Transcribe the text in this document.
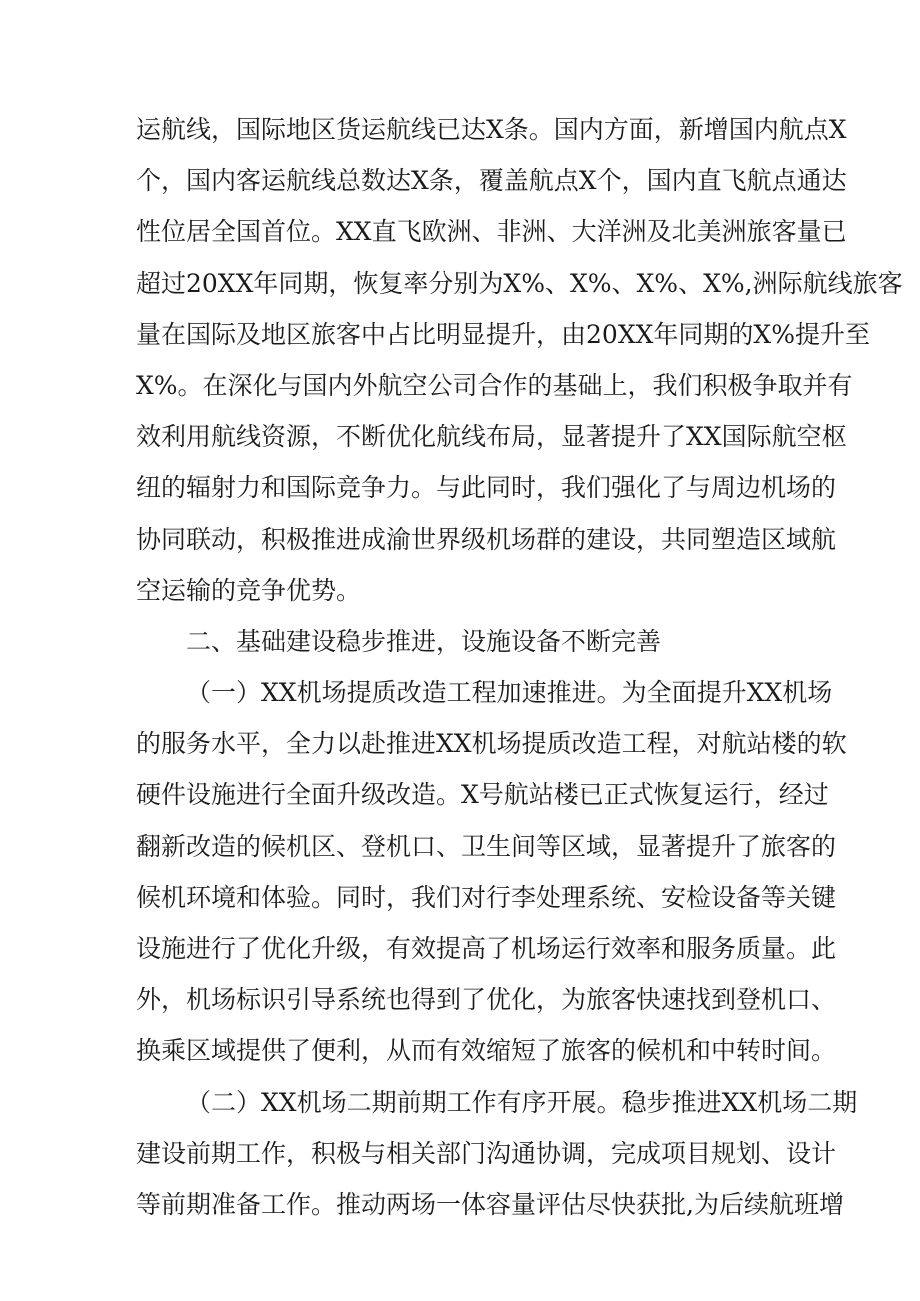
运航线，国际地区货运航线已达X条。国内方面，新增国内航点X
个，国内客运航线总数达X条，覆盖航点X个，国内直飞航点通达
性位居全国首位。XX直飞欧洲、非洲、大洋洲及北美洲旅客量已
超过20XX年同期，恢复率分别为X%、X%、X%、X%,洲际航线旅客
量在国际及地区旅客中占比明显提升，由20XX年同期的X%提升至
X%。在深化与国内外航空公司合作的基础上，我们积极争取并有
效利用航线资源，不断优化航线布局，显著提升了XX国际航空枢
纽的辐射力和国际竞争力。与此同时，我们强化了与周边机场的
协同联动，积极推进成渝世界级机场群的建设，共同塑造区域航
空运输的竞争优势。
二、基础建设稳步推进，设施设备不断完善
（一）XX机场提质改造工程加速推进。为全面提升XX机场
的服务水平，全力以赴推进XX机场提质改造工程，对航站楼的软
硬件设施进行全面升级改造。X号航站楼已正式恢复运行，经过
翻新改造的候机区、登机口、卫生间等区域，显著提升了旅客的
候机环境和体验。同时，我们对行李处理系统、安检设备等关键
设施进行了优化升级，有效提高了机场运行效率和服务质量。此
外，机场标识引导系统也得到了优化，为旅客快速找到登机口、
换乘区域提供了便利，从而有效缩短了旅客的候机和中转时间。
（二）XX机场二期前期工作有序开展。稳步推进XX机场二期
建设前期工作，积极与相关部门沟通协调，完成项目规划、设计
等前期准备工作。推动两场一体容量评估尽快获批,为后续航班增
